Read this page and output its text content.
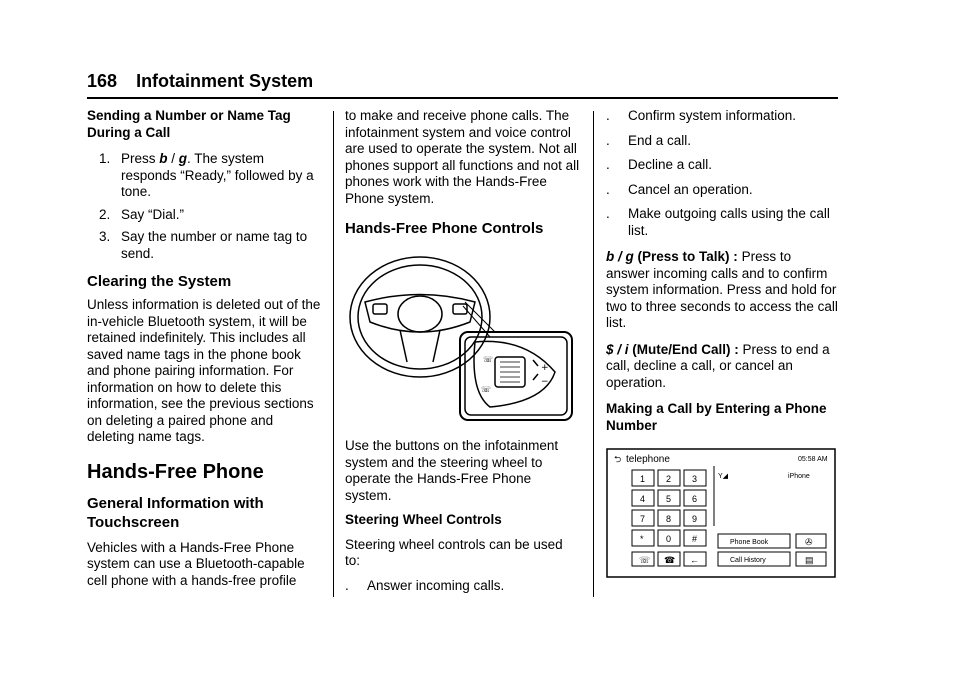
168 Infotainment System

Sending a Number or Name Tag During a Call

1. Press b / g. The system responds “Ready,” followed by a tone.
2. Say “Dial.”
3. Say the number or name tag to send.

Clearing the System

Unless information is deleted out of the in-vehicle Bluetooth system, it will be retained indefinitely. This includes all saved name tags in the phone book and phone pairing information. For information on how to delete this information, see the previous sections on deleting a paired phone and deleting name tags.

Hands-Free Phone

General Information with Touchscreen

Vehicles with a Hands-Free Phone system can use a Bluetooth-capable cell phone with a hands-free profile

to make and receive phone calls. The infotainment system and voice control are used to operate the system. Not all phones support all functions and not all phones work with the Hands-Free Phone system.

Hands-Free Phone Controls

☏
☏
+
−

Use the buttons on the infotainment system and the steering wheel to operate the Hands-Free Phone system.

Steering Wheel Controls

Steering wheel controls can be used to:

.	Answer incoming calls.
.	Confirm system information.
.	End a call.
.	Decline a call.
.	Cancel an operation.
.	Make outgoing calls using the call list.

b / g (Press to Talk) : Press to answer incoming calls and to confirm system information. Press and hold for two to three seconds to access the call list.

$ / i (Mute/End Call) : Press to end a call, decline a call, or cancel an operation.

Making a Call by Entering a Phone Number

⮌ telephone	05:58 AM
1 2 3
4 5 6
7 8 9
* 0 #
Y◢	iPhone
Phone Book
Call History
✇
▤
☏ ☎ ←
